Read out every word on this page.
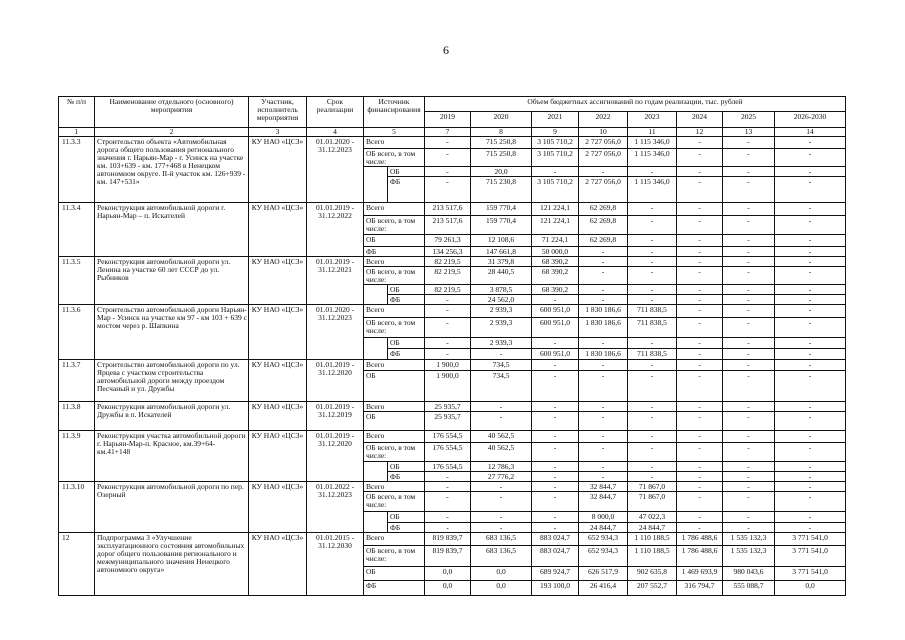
6
№ п/п	Наименование отдельного (основного) мероприятия	Участник, исполнитель мероприятия	Срок реализации	Источник финансирования		Объем бюджетных ассигнований по годам реализации, тыс. рублей							
						2019	2020	2021	2022	2023	2024	2025	2026-2030
1	2	3	4	5		7	8	9	10	11	12	13	14
11.3.3	Строительство объекта «Автомобильная дорога общего пользования регионального значения г. Нарьян-Мар - г. Усинск на участке км. 103+639 - км. 177+468 в Ненецком автономном округе. II-й участок км. 126+939 - км. 147+531»	КУ НАО «ЦСЗ»	01.01.2020 - 31.12.2023	Всего		-	715 250,8	3 105 710,2	2 727 056,0	1 115 346,0	-	-	-
				ОБ всего, в том числе:		-	715 250,8	3 105 710,2	2 727 056,0	1 115 346,0	-	-	-
					ОБ	-	20,0	-	-	-	-	-	-
					ФБ	-	715 230,8	3 105 710,2	2 727 056,0	1 115 346,0	-	-	-
11.3.4	Реконструкция автомобильной дороги г. Нарьян-Мар – п. Искателей	КУ НАО «ЦСЗ»	01.01.2019 - 31.12.2022	Всего		213 517,6	159 770,4	121 224,1	62 269,8	-	-	-	-
				ОБ всего, в том числе:		213 517,6	159 770,4	121 224,1	62 269,8	-	-	-	-
				ОБ		79 261,3	12 108,6	71 224,1	62 269,8	-	-	-	-
				ФБ		134 256,3	147 661,8	50 000,0	-	-	-	-	-
11.3.5	Реконструкция автомобильной дороги ул. Ленина на участке 60 лет СССР до ул. Рыбников	КУ НАО «ЦСЗ»	01.01.2019 - 31.12.2021	Всего		82 219,5	31 379,8	68 390,2	-	-	-	-	-
				ОБ всего, в том числе:		82 219,5	28 440,5	68 390,2	-	-	-	-	-
					ОБ	82 219,5	3 878,5	68 390,2	-	-	-	-	-
					ФБ	-	24 562,0	-	-	-	-	-	-
11.3.6	Строительство автомобильной дороги Нарьян-Мар - Усинск на участке км 97 - км 103 + 639 с мостом через р. Шапкина	КУ НАО «ЦСЗ»	01.01.2020 - 31.12.2023	Всего		-	2 939,3	600 951,0	1 830 186,6	711 838,5	-	-	-
				ОБ всего, в том числе:		-	2 939,3	600 951,0	1 830 186,6	711 838,5	-	-	-
					ОБ	-	2 939,3	-	-	-	-	-	-
					ФБ	-	-	600 951,0	1 830 186,6	711 838,5	-	-	-
11.3.7	Строительство автомобильной дороги по ул. Ярцева с участком строительства автомобильной дороги между проездом Песчаный и ул. Дружбы	КУ НАО «ЦСЗ»	01.01.2019 - 31.12.2020	Всего		1 900,0	734,5	-	-	-	-	-	-
				ОБ		1 900,0	734,5	-	-	-	-	-	-
11.3.8	Реконструкция автомобильной дороги ул. Дружбы в п. Искателей	КУ НАО «ЦСЗ»	01.01.2019 - 31.12.2019	Всего		25 935,7	-	-	-	-	-	-	-
				ОБ		25 935,7	-	-	-	-	-	-	-
11.3.9	Реконструкция участка автомобильной дороги г. Нарьян-Мар-п. Красное, км.39+64-км.41+148	КУ НАО «ЦСЗ»	01.01.2019 - 31.12.2020	Всего		176 554,5	40 562,5	-	-	-	-	-	-
				ОБ всего, в том числе:		176 554,5	40 562,5	-	-	-	-	-	-
					ОБ	176 554,5	12 786,3	-	-	-	-	-	-
					ФБ	-	27 776,2	-	-	-	-	-	-
11.3.10	Реконструкция автомобильной дороги по пер. Озерный	КУ НАО «ЦСЗ»	01.01.2022 - 31.12.2023	Всего		-	-	-	32 844,7	71 867,0	-	-	-
				ОБ всего, в том числе:		-	-	-	32 844,7	71 867,0	-	-	-
					ОБ	-	-	-	8 000,0	47 022,3	-	-	-
					ФБ	-	-	-	24 844,7	24 844,7	-	-	-
12	Подпрограмма 3 «Улучшение эксплуатационного состояния автомобильных дорог общего пользования регионального и межмуниципального значения Ненецкого автономного округа»	КУ НАО «ЦСЗ»	01.01.2015 - 31.12.2030	Всего		819 839,7	683 136,5	883 024,7	652 934,3	1 110 188,5	1 786 488,6	1 535 132,3	3 771 541,0
				ОБ всего, в том числе:		819 839,7	683 136,5	883 024,7	652 934,3	1 110 188,5	1 786 488,6	1 535 132,3	3 771 541,0
				ОБ		0,0	0,0	689 924,7	626 517,9	902 635,8	1 469 693,9	980 043,6	3 771 541,0
				ФБ		0,0	0,0	193 100,0	26 416,4	207 552,7	316 794,7	555 088,7	0,0
